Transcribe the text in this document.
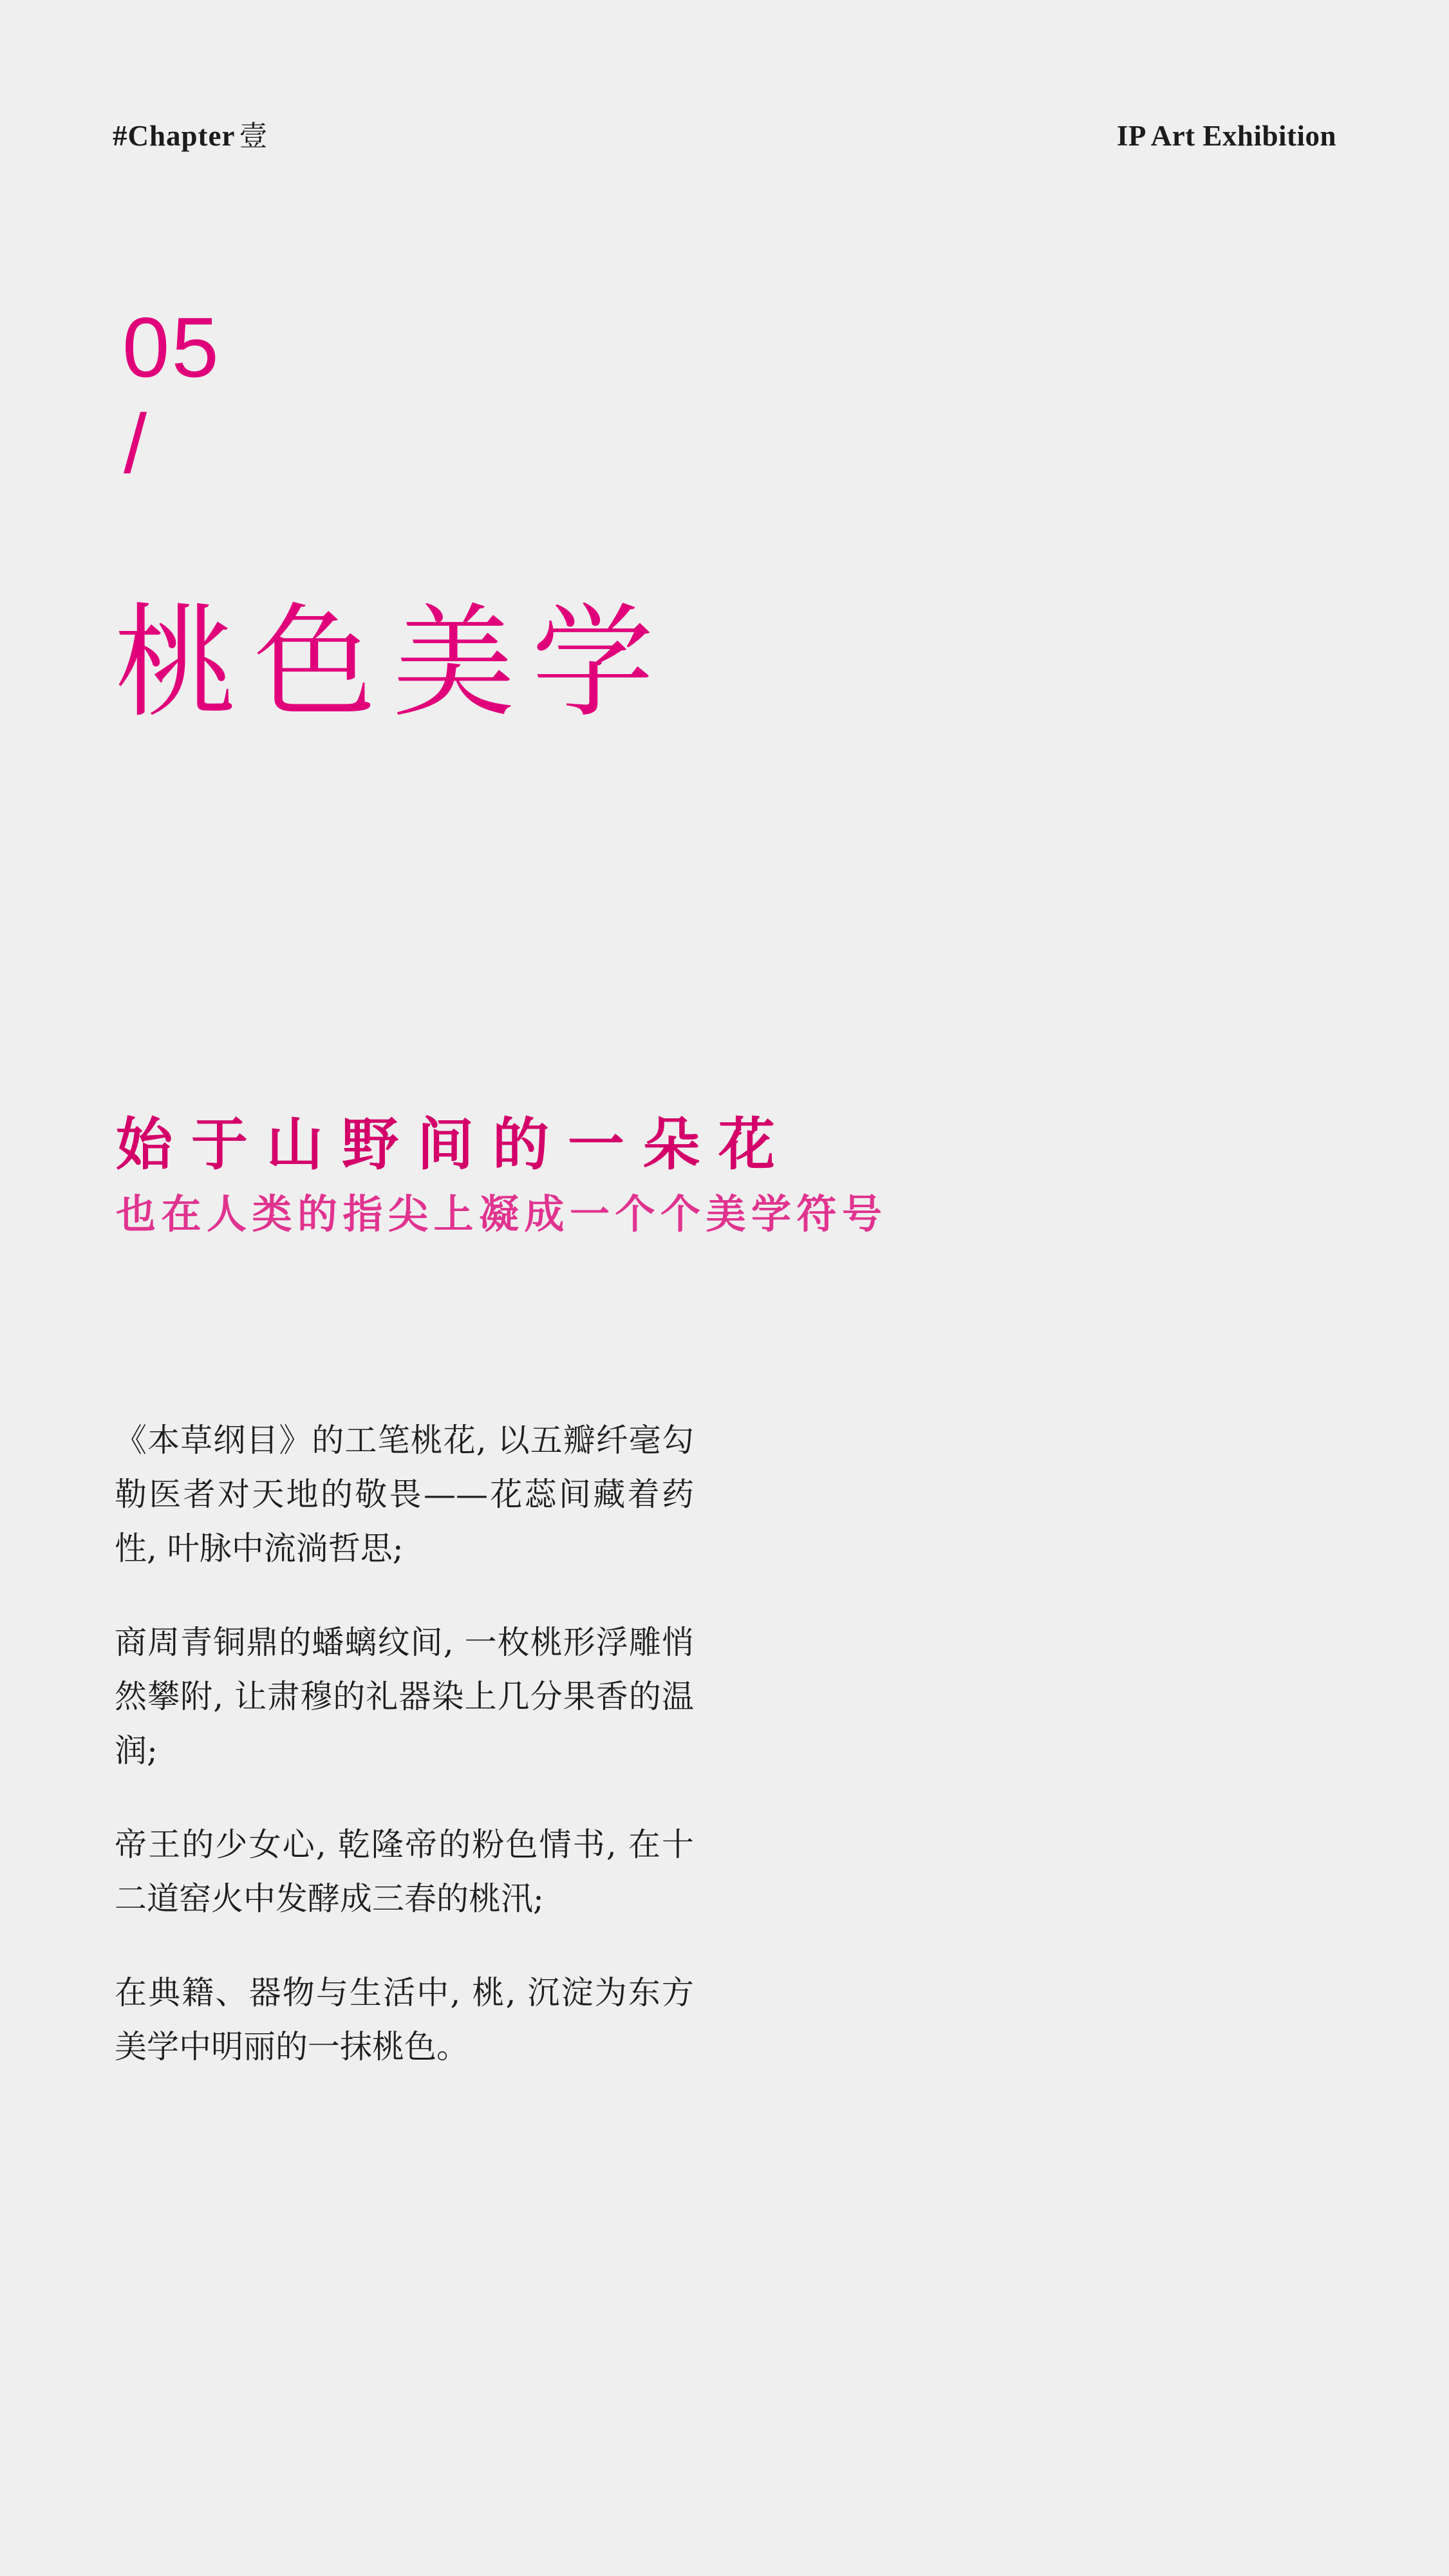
#Chapter 壹	IP Art Exhibition
05
/
桃色美学
始于山野间的一朵花
也在人类的指尖上凝成一个个美学符号

《本草纲目》的工笔桃花, 以五瓣纤毫勾勒医者对天地的敬畏——花蕊间藏着药性, 叶脉中流淌哲思;

商周青铜鼎的蟠螭纹间, 一枚桃形浮雕悄然攀附, 让肃穆的礼器染上几分果香的温润;

帝王的少女心, 乾隆帝的粉色情书, 在十二道窑火中发酵成三春的桃汛;

在典籍、器物与生活中, 桃, 沉淀为东方美学中明丽的一抹桃色。
